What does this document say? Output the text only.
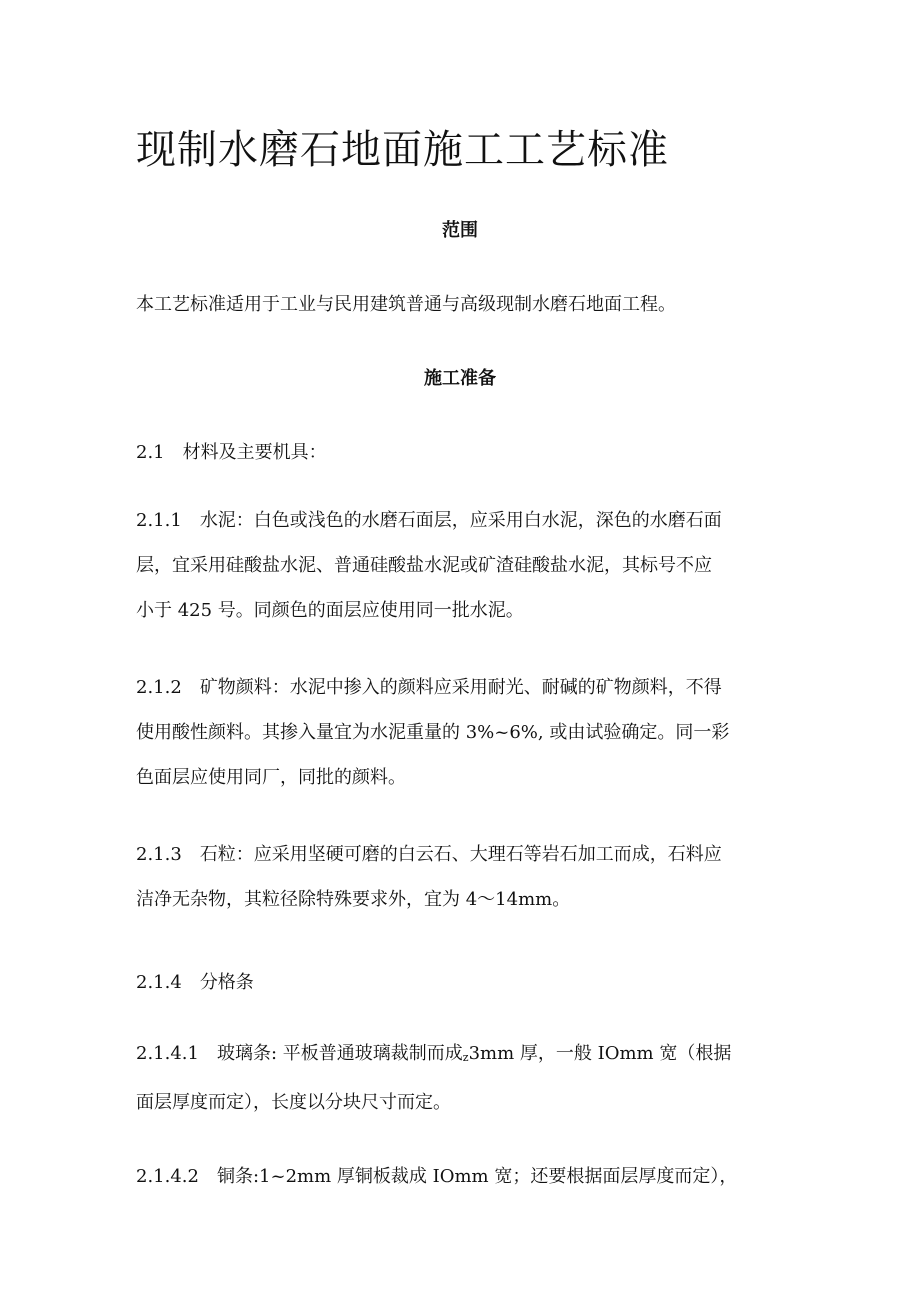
现制水磨石地面施工工艺标准
范围

本工艺标准适用于工业与民用建筑普通与高级现制水磨石地面工程。

施工准备

2.1 材料及主要机具：

2.1.1 水泥：白色或浅色的水磨石面层，应采用白水泥，深色的水磨石面
层，宜采用硅酸盐水泥、普通硅酸盐水泥或矿渣硅酸盐水泥，其标号不应
小于 425 号。同颜色的面层应使用同一批水泥。

2.1.2 矿物颜料：水泥中掺入的颜料应采用耐光、耐碱的矿物颜料，不得
使用酸性颜料。其掺入量宜为水泥重量的 3%~6%, 或由试验确定。同一彩
色面层应使用同厂，同批的颜料。

2.1.3 石粒：应采用坚硬可磨的白云石、大理石等岩石加工而成，石料应
洁净无杂物，其粒径除特殊要求外，宜为 4～14mm。

2.1.4 分格条

2.1.4.1 玻璃条: 平板普通玻璃裁制而成z3mm 厚，一般 IOmm 宽（根据
面层厚度而定），长度以分块尺寸而定。

2.1.4.2 铜条:1~2mm 厚铜板裁成 IOmm 宽；还要根据面层厚度而定），
